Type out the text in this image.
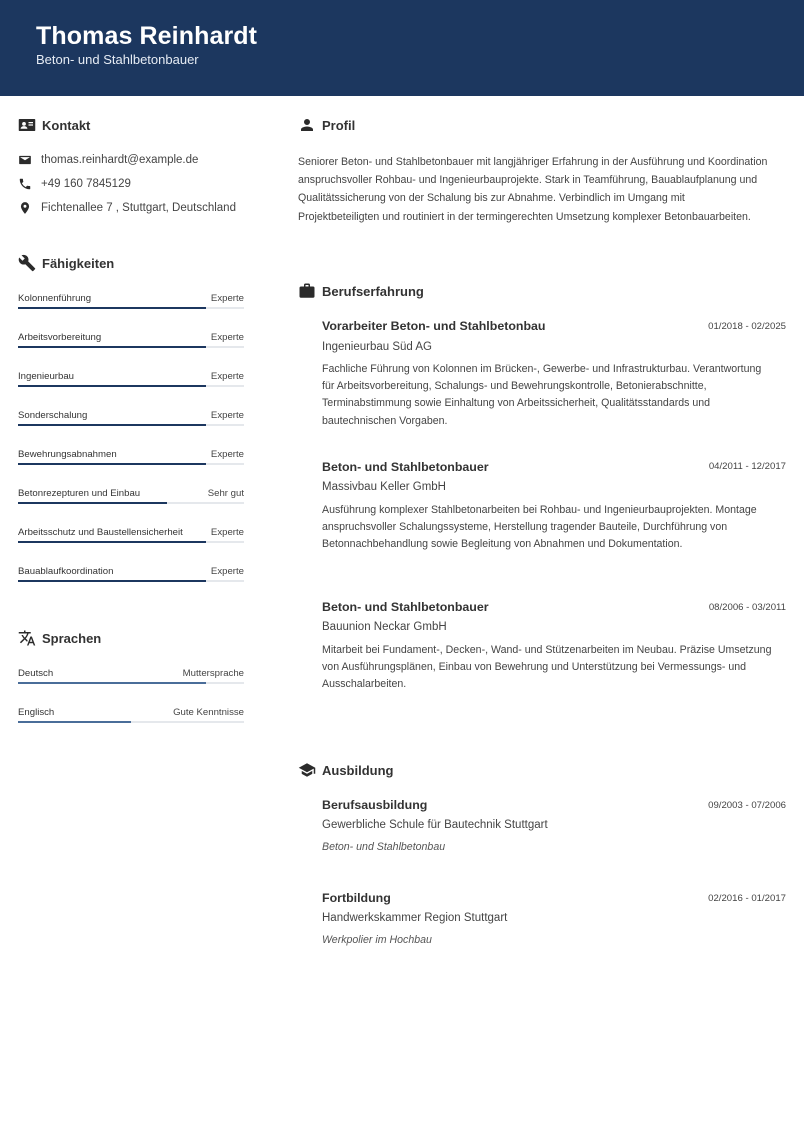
Thomas Reinhardt
Beton- und Stahlbetonbauer
Kontakt
thomas.reinhardt@example.de
+49 160 7845129
Fichtenallee 7 , Stuttgart, Deutschland
Fähigkeiten
Kolonnenführung	Experte
Arbeitsvorbereitung	Experte
Ingenieurbau	Experte
Sonderschalung	Experte
Bewehrungsabnahmen	Experte
Betonrezepturen und Einbau	Sehr gut
Arbeitsschutz und Baustellensicherheit	Experte
Bauablaufkoordination	Experte
Sprachen
Deutsch	Muttersprache
Englisch	Gute Kenntnisse
Profil
Seniorer Beton- und Stahlbetonbauer mit langjähriger Erfahrung in der Ausführung und Koordination anspruchsvoller Rohbau- und Ingenieurbauprojekte. Stark in Teamführung, Bauablaufplanung und Qualitätssicherung von der Schalung bis zur Abnahme. Verbindlich im Umgang mit Projektbeteiligten und routiniert in der termingerechten Umsetzung komplexer Betonbauarbeiten.
Berufserfahrung
Vorarbeiter Beton- und Stahlbetonbau	01/2018 - 02/2025
Ingenieurbau Süd AG
Fachliche Führung von Kolonnen im Brücken-, Gewerbe- und Infrastrukturbau. Verantwortung für Arbeitsvorbereitung, Schalungs- und Bewehrungskontrolle, Betonierabschnitte, Terminabstimmung sowie Einhaltung von Arbeitssicherheit, Qualitätsstandards und bautechnischen Vorgaben.
Beton- und Stahlbetonbauer	04/2011 - 12/2017
Massivbau Keller GmbH
Ausführung komplexer Stahlbetonarbeiten bei Rohbau- und Ingenieurbauprojekten. Montage anspruchsvoller Schalungssysteme, Herstellung tragender Bauteile, Durchführung von Betonnachbehandlung sowie Begleitung von Abnahmen und Dokumentation.
Beton- und Stahlbetonbauer	08/2006 - 03/2011
Bauunion Neckar GmbH
Mitarbeit bei Fundament-, Decken-, Wand- und Stützenarbeiten im Neubau. Präzise Umsetzung von Ausführungsplänen, Einbau von Bewehrung und Unterstützung bei Vermessungs- und Ausschalarbeiten.
Ausbildung
Berufsausbildung	09/2003 - 07/2006
Gewerbliche Schule für Bautechnik Stuttgart
Beton- und Stahlbetonbau
Fortbildung	02/2016 - 01/2017
Handwerkskammer Region Stuttgart
Werkpolier im Hochbau
